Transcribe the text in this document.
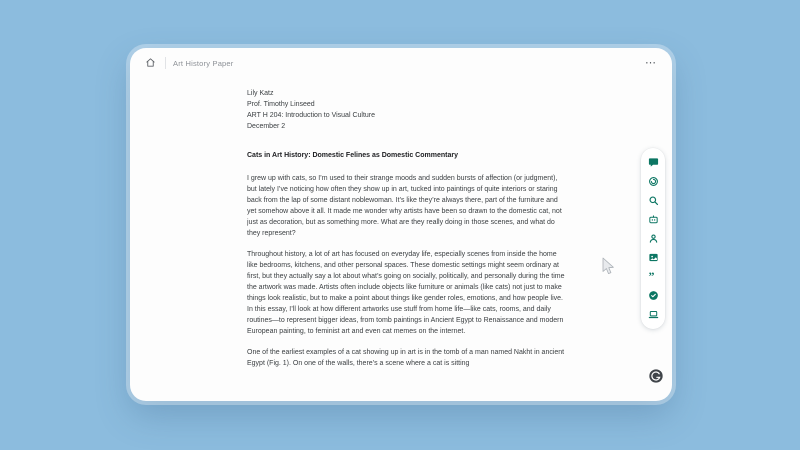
Art History Paper	⋯
Lily Katz
Prof. Timothy Linseed
ART H 204: Introduction to Visual Culture
December 2
Cats in Art History: Domestic Felines as Domestic Commentary

I grew up with cats, so I’m used to their strange moods and sudden bursts of affection (or judgment), but lately I’ve noticing how often they show up in art, tucked into paintings of quite interiors or staring back from the lap of some distant noblewoman. It’s like they’re always there, part of the furniture and yet somehow above it all. It made me wonder why artists have been so drawn to the domestic cat, not just as decoration, but as something more. What are they really doing in those scenes, and what do they represent?

Throughout history, a lot of art has focused on everyday life, especially scenes from inside the home like bedrooms, kitchens, and other personal spaces. These domestic settings might seem ordinary at first, but they actually say a lot about what’s going on socially, politically, and personally during the time the artwork was made. Artists often include objects like furniture or animals (like cats) not just to make things look realistic, but to make a point about things like gender roles, emotions, and how people live. In this essay, I’ll look at how different artworks use stuff from home life—like cats, rooms, and daily routines—to represent bigger ideas, from tomb paintings in Ancient Egypt to Renaissance and modern European painting, to feminist art and even cat memes on the internet.

One of the earliest examples of a cat showing up in art is in the tomb of a man named Nakht in ancient Egypt (Fig. 1). On one of the walls, there’s a scene where a cat is sitting

”
